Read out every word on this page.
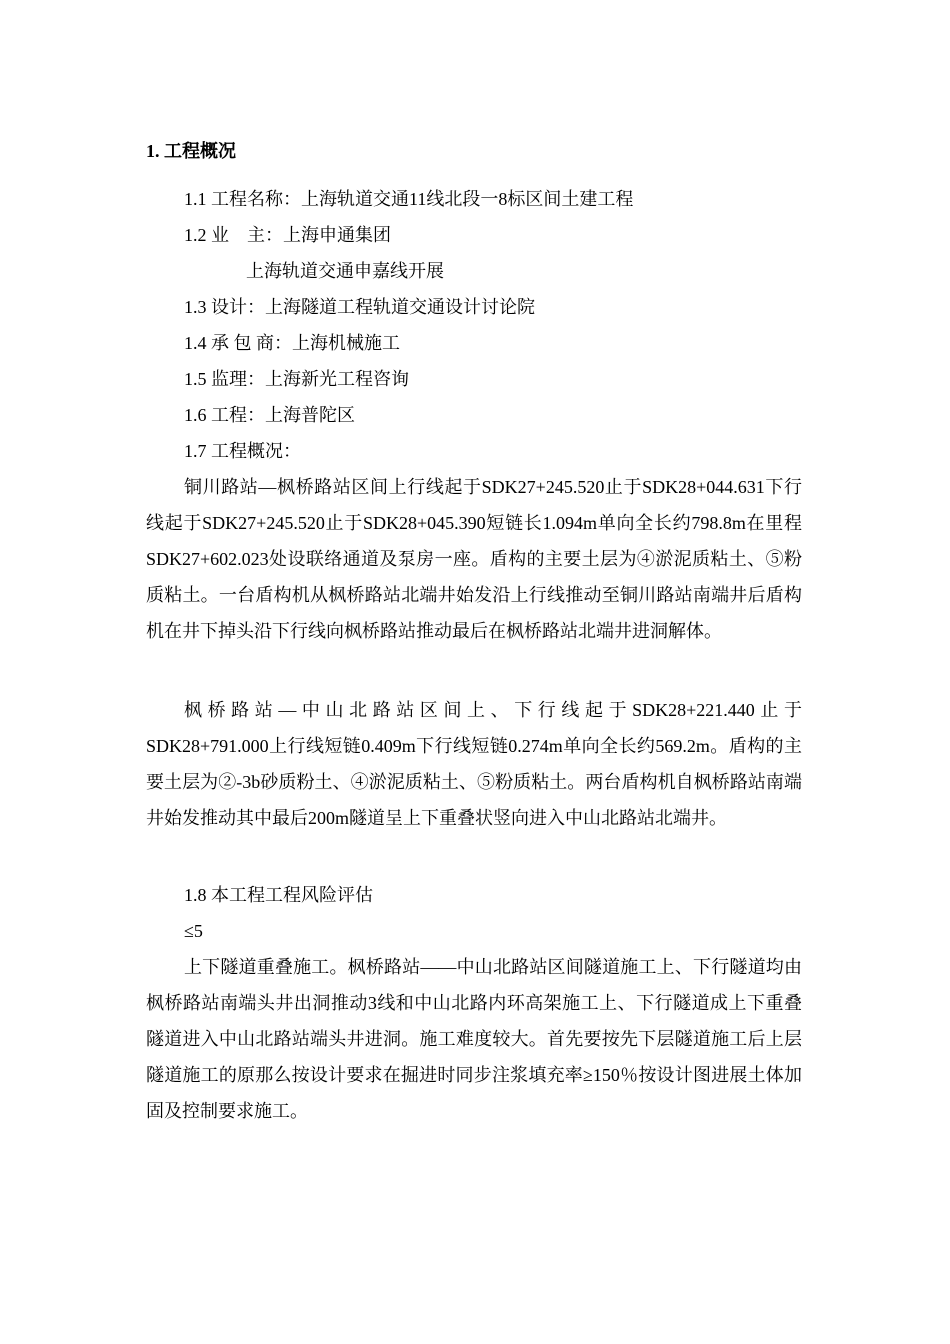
1. 工程概况
1.1 工程名称：上海轨道交通11线北段一8标区间土建工程
1.2 业　主：上海申通集团
上海轨道交通申嘉线开展
1.3 设计：上海隧道工程轨道交通设计讨论院
1.4 承 包 商：上海机械施工
1.5 监理：上海新光工程咨询
1.6 工程：上海普陀区
1.7 工程概况：
铜川路站—枫桥路站区间上行线起于SDK27+245.520止于SDK28+044.631下行线起于SDK27+245.520止于SDK28+045.390短链长1.094m单向全长约798.8m在里程SDK27+602.023处设联络通道及泵房一座。盾构的主要土层为④淤泥质粘土、⑤粉质粘土。一台盾构机从枫桥路站北端井始发沿上行线推动至铜川路站南端井后盾构机在井下掉头沿下行线向枫桥路站推动最后在枫桥路站北端井进洞解体。
枫桥路站—中山北路站区间上、下行线起于SDK28+221.440止于SDK28+791.000上行线短链0.409m下行线短链0.274m单向全长约569.2m。盾构的主要土层为②-3b砂质粉土、④淤泥质粘土、⑤粉质粘土。两台盾构机自枫桥路站南端井始发推动其中最后200m隧道呈上下重叠状竖向进入中山北路站北端井。
1.8 本工程工程风险评估
≤5
上下隧道重叠施工。枫桥路站——中山北路站区间隧道施工上、下行隧道均由枫桥路站南端头井出洞推动3线和中山北路内环高架施工上、下行隧道成上下重叠隧道进入中山北路站端头井进洞。施工难度较大。首先要按先下层隧道施工后上层隧道施工的原那么按设计要求在掘进时同步注浆填充率≥150％按设计图进展土体加固及控制要求施工。
